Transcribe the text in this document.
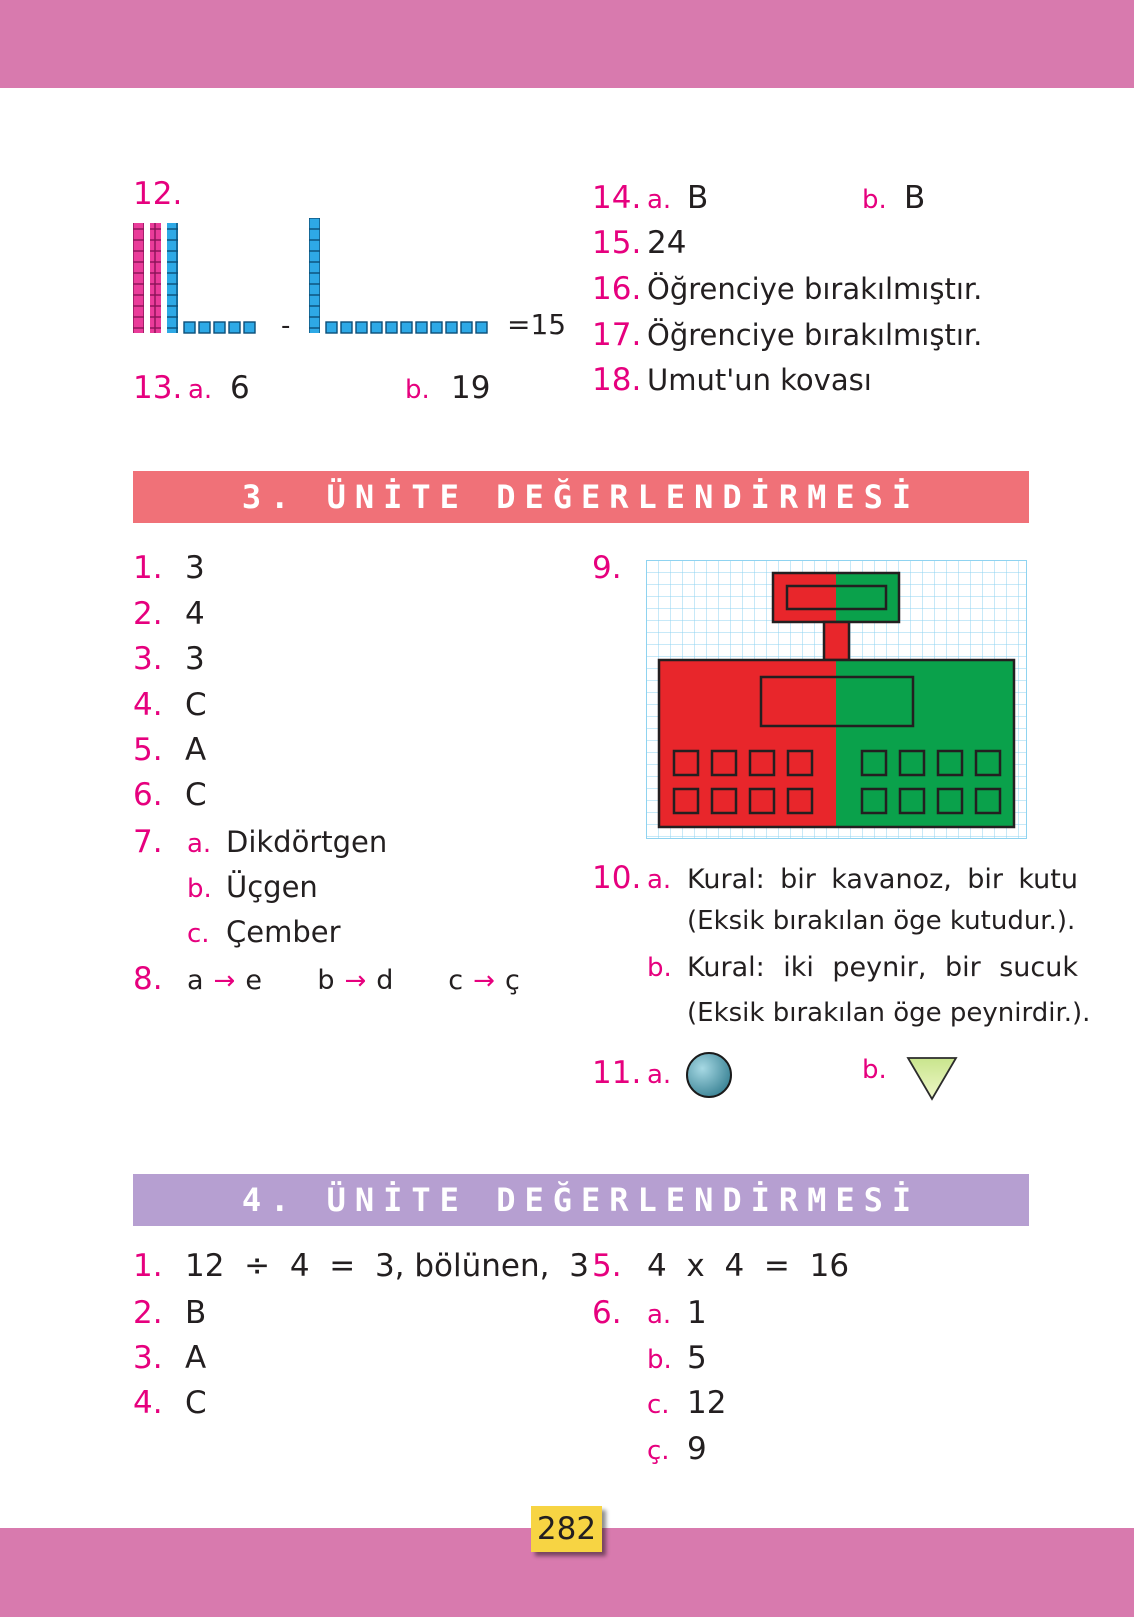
12.
-	=15
13. a. 6	b. 19
14. a. B	b. B
15. 24
16. Öğrenciye bırakılmıştır.
17. Öğrenciye bırakılmıştır.
18. Umut'un kovası
3. ÜNİTE DEĞERLENDİRMESİ
1. 3
2. 4
3. 3
4. C
5. A
6. C
7. a. Dikdörtgen
b. Üçgen
c. Çember
8. a → e	b → d	c → ç
9.
10. a. Kural: bir kavanoz, bir kutu
(Eksik bırakılan öge kutudur.).
b. Kural: iki peynir, bir sucuk
(Eksik bırakılan öge peynirdir.).
11. a.	b.
4. ÜNİTE DEĞERLENDİRMESİ
1. 12  ÷  4  =  3, bölünen,  3
2. B
3. A
4. C
5. 4  x  4  =  16
6. a. 1
b. 5
c. 12
ç. 9
282
